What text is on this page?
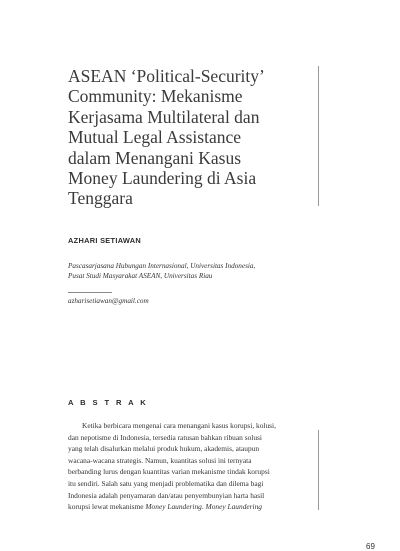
ASEAN ‘Political-Security’
Community: Mekanisme
Kerjasama Multilateral dan
Mutual Legal Assistance
dalam Menangani Kasus
Money Laundering di Asia
Tenggara
AZHARI SETIAWAN
Pascasarjasana Hubungan Internasional, Universitas Indonesia,
Pusat Studi Masyarakat ASEAN, Universitas Riau
azharisetiawan@gmail.com
A B S T R A K
Ketika berbicara mengenai cara menangani kasus korupsi, kolusi,
dan nepotisme di Indonesia, tersedia ratusan bahkan ribuan solusi
yang telah disalurkan melalui produk hukum, akademis, ataupun
wacana-wacana strategis. Namun, kuantitas solusi ini ternyata
berbanding lurus dengan kuantitas varian mekanisme tindak korupsi
itu sendiri. Salah satu yang menjadi problematika dan dilema bagi
Indonesia adalah penyamaran dan/atau penyembunyian harta hasil
korupsi lewat mekanisme Money Laundering. Money Laundering
69
